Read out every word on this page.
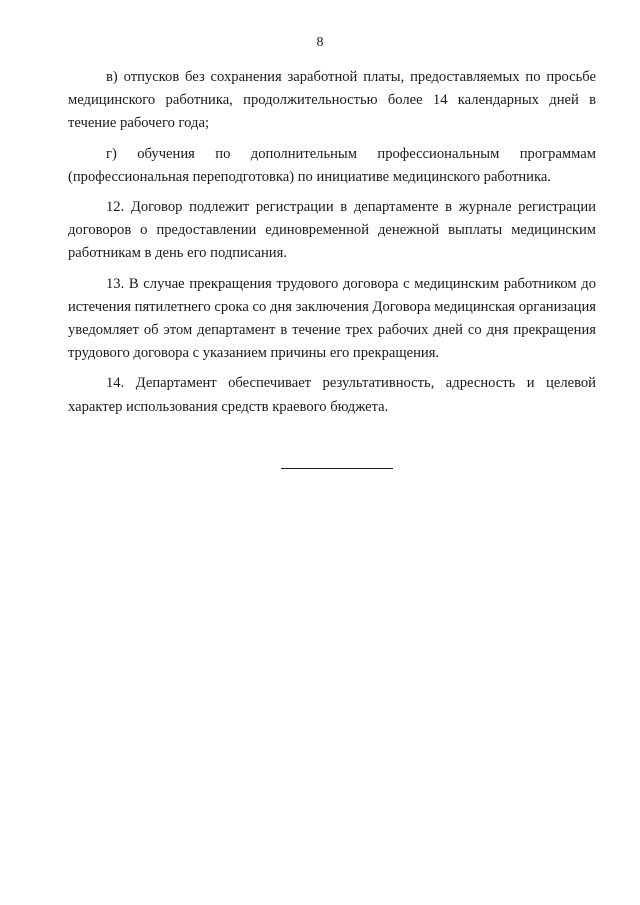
8

в) отпусков без сохранения заработной платы, предоставляемых по просьбе медицинского работника, продолжительностью более 14 календарных дней в течение рабочего года;

г) обучения по дополнительным профессиональным программам (профессиональная переподготовка) по инициативе медицинского работника.

12. Договор подлежит регистрации в департаменте в журнале регистрации договоров о предоставлении единовременной денежной выплаты медицинским работникам в день его подписания.

13. В случае прекращения трудового договора с медицинским работником до истечения пятилетнего срока со дня заключения Договора медицинская организация уведомляет об этом департамент в течение трех рабочих дней со дня прекращения трудового договора с указанием причины его прекращения.

14. Департамент обеспечивает результативность, адресность и целевой характер использования средств краевого бюджета.
